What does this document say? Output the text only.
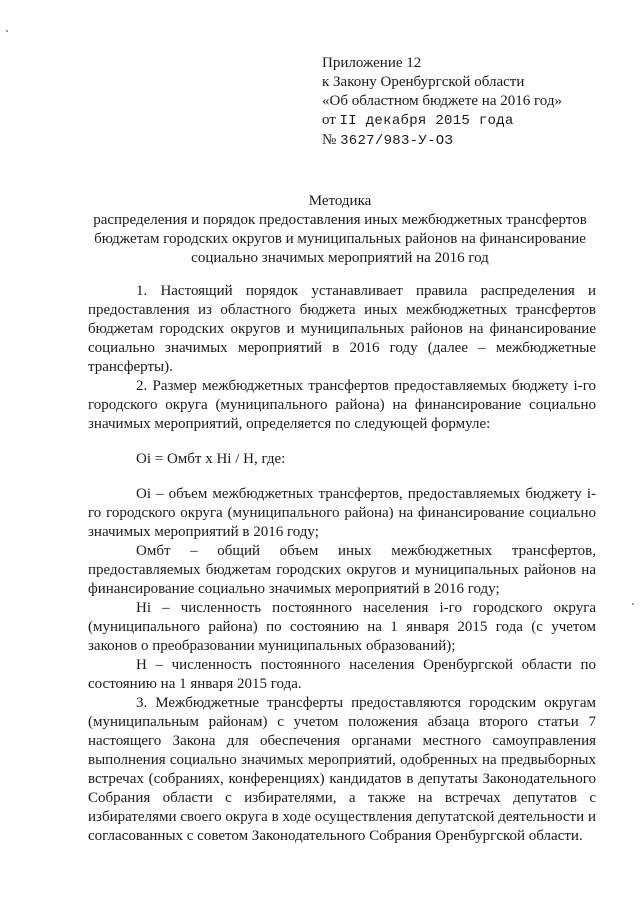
Приложение 12
к Закону Оренбургской области
«Об областном бюджете на 2016 год»
от II декабря 2015 года
№ 3627/983-У-ОЗ
Методика
распределения и порядок предоставления иных межбюджетных трансфертов бюджетам городских округов и муниципальных районов на финансирование социально значимых мероприятий на 2016 год

1. Настоящий порядок устанавливает правила распределения и предоставления из областного бюджета иных межбюджетных трансфертов бюджетам городских округов и муниципальных районов на финансирование социально значимых мероприятий в 2016 году (далее – межбюджетные трансферты).

2. Размер межбюджетных трансфертов предоставляемых бюджету i-го городского округа (муниципального района) на финансирование социально значимых мероприятий, определяется по следующей формуле:

Оi = Омбт x Нi / Н, где:

Оi – объем межбюджетных трансфертов, предоставляемых бюджету i-го городского округа (муниципального района) на финансирование социально значимых мероприятий в 2016 году;

Омбт – общий объем иных межбюджетных трансфертов, предоставляемых бюджетам городских округов и муниципальных районов на финансирование социально значимых мероприятий в 2016 году;

Нi – численность постоянного населения i-го городского округа (муниципального района) по состоянию на 1 января 2015 года (с учетом законов о преобразовании муниципальных образований);

Н – численность постоянного населения Оренбургской области по состоянию на 1 января 2015 года.

3. Межбюджетные трансферты предоставляются городским округам (муниципальным районам) с учетом положения абзаца второго статьи 7 настоящего Закона для обеспечения органами местного самоуправления выполнения социально значимых мероприятий, одобренных на предвыборных встречах (собраниях, конференциях) кандидатов в депутаты Законодательного Собрания области с избирателями, а также на встречах депутатов с избирателями своего округа в ходе осуществления депутатской деятельности и согласованных с советом Законодательного Собрания Оренбургской области.
